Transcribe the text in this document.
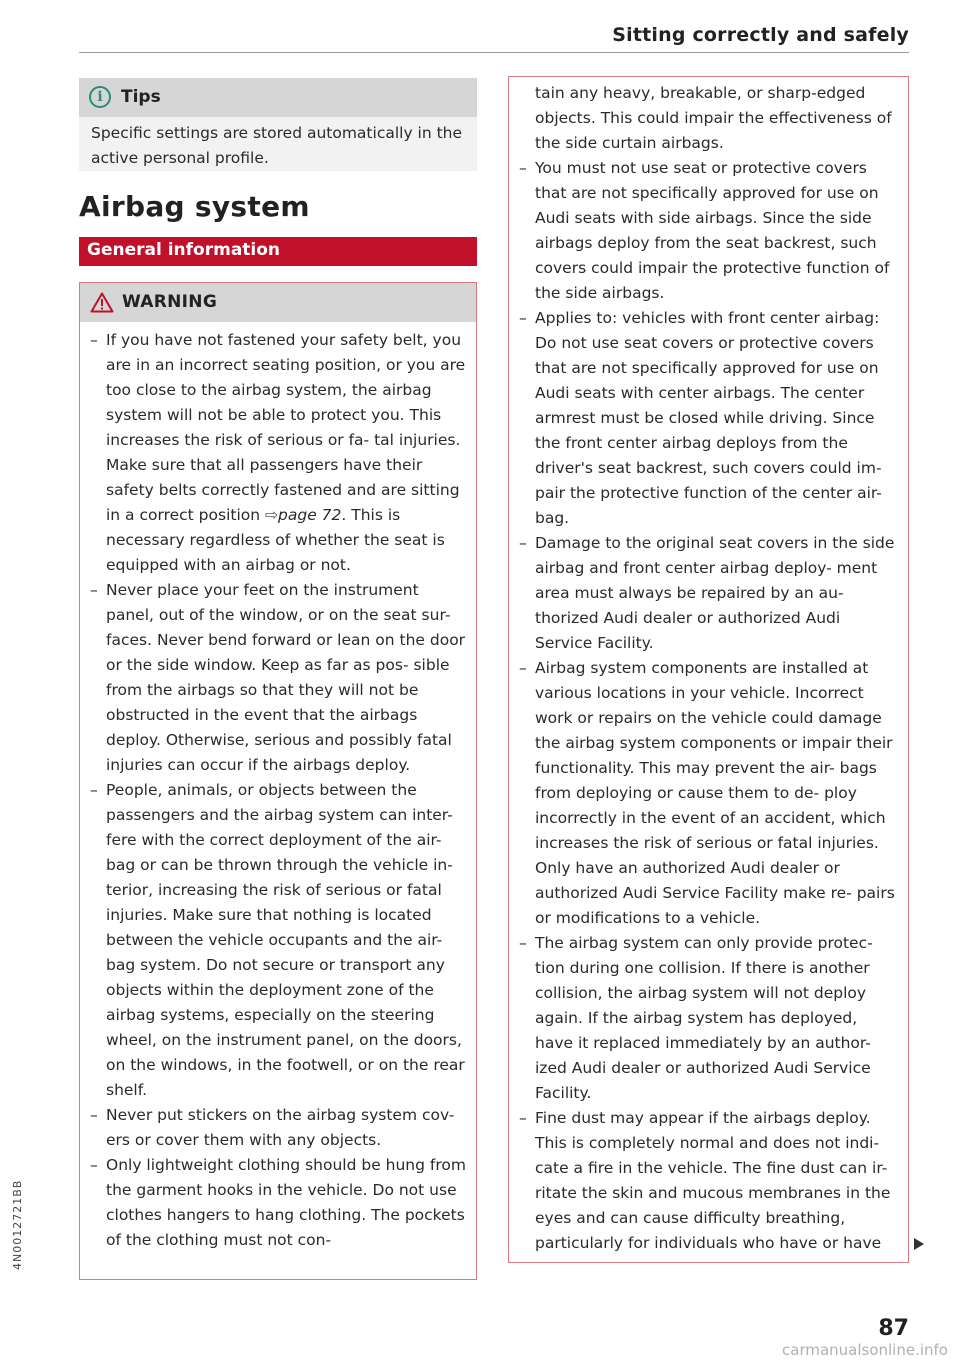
Sitting correctly and safely
i	Tips
Specific settings are stored automatically in the active personal profile.
Airbag system
General information
WARNING
– If you have not fastened your safety belt, you are in an incorrect seating position, or you are too close to the airbag system, the airbag system will not be able to protect you. This increases the risk of serious or fa- tal injuries. Make sure that all passengers have their safety belts correctly fastened and are sitting in a correct position ⇨page 72. This is necessary regardless of whether the seat is equipped with an airbag or not.
– Never place your feet on the instrument panel, out of the window, or on the seat sur- faces. Never bend forward or lean on the door or the side window. Keep as far as pos- sible from the airbags so that they will not be obstructed in the event that the airbags deploy. Otherwise, serious and possibly fatal injuries can occur if the airbags deploy.
– People, animals, or objects between the passengers and the airbag system can inter- fere with the correct deployment of the air- bag or can be thrown through the vehicle in- terior, increasing the risk of serious or fatal injuries. Make sure that nothing is located between the vehicle occupants and the air- bag system. Do not secure or transport any objects within the deployment zone of the airbag systems, especially on the steering wheel, on the instrument panel, on the doors, on the windows, in the footwell, or on the rear shelf.
– Never put stickers on the airbag system cov- ers or cover them with any objects.
– Only lightweight clothing should be hung from the garment hooks in the vehicle. Do not use clothes hangers to hang clothing. The pockets of the clothing must not con-
tain any heavy, breakable, or sharp-edged objects. This could impair the effectiveness of the side curtain airbags.
– You must not use seat or protective covers that are not specifically approved for use on Audi seats with side airbags. Since the side airbags deploy from the seat backrest, such covers could impair the protective function of the side airbags.
– Applies to: vehicles with front center airbag: Do not use seat covers or protective covers that are not specifically approved for use on Audi seats with center airbags. The center armrest must be closed while driving. Since the front center airbag deploys from the driver's seat backrest, such covers could im- pair the protective function of the center air- bag.
– Damage to the original seat covers in the side airbag and front center airbag deploy- ment area must always be repaired by an au- thorized Audi dealer or authorized Audi Service Facility.
– Airbag system components are installed at various locations in your vehicle. Incorrect work or repairs on the vehicle could damage the airbag system components or impair their functionality. This may prevent the air- bags from deploying or cause them to de- ploy incorrectly in the event of an accident, which increases the risk of serious or fatal injuries. Only have an authorized Audi dealer or authorized Audi Service Facility make re- pairs or modifications to a vehicle.
– The airbag system can only provide protec- tion during one collision. If there is another collision, the airbag system will not deploy again. If the airbag system has deployed, have it replaced immediately by an author- ized Audi dealer or authorized Audi Service Facility.
– Fine dust may appear if the airbags deploy. This is completely normal and does not indi- cate a fire in the vehicle. The fine dust can ir- ritate the skin and mucous membranes in the eyes and can cause difficulty breathing, particularly for individuals who have or have
87
4N0012721BB
carmanualsonline.info
